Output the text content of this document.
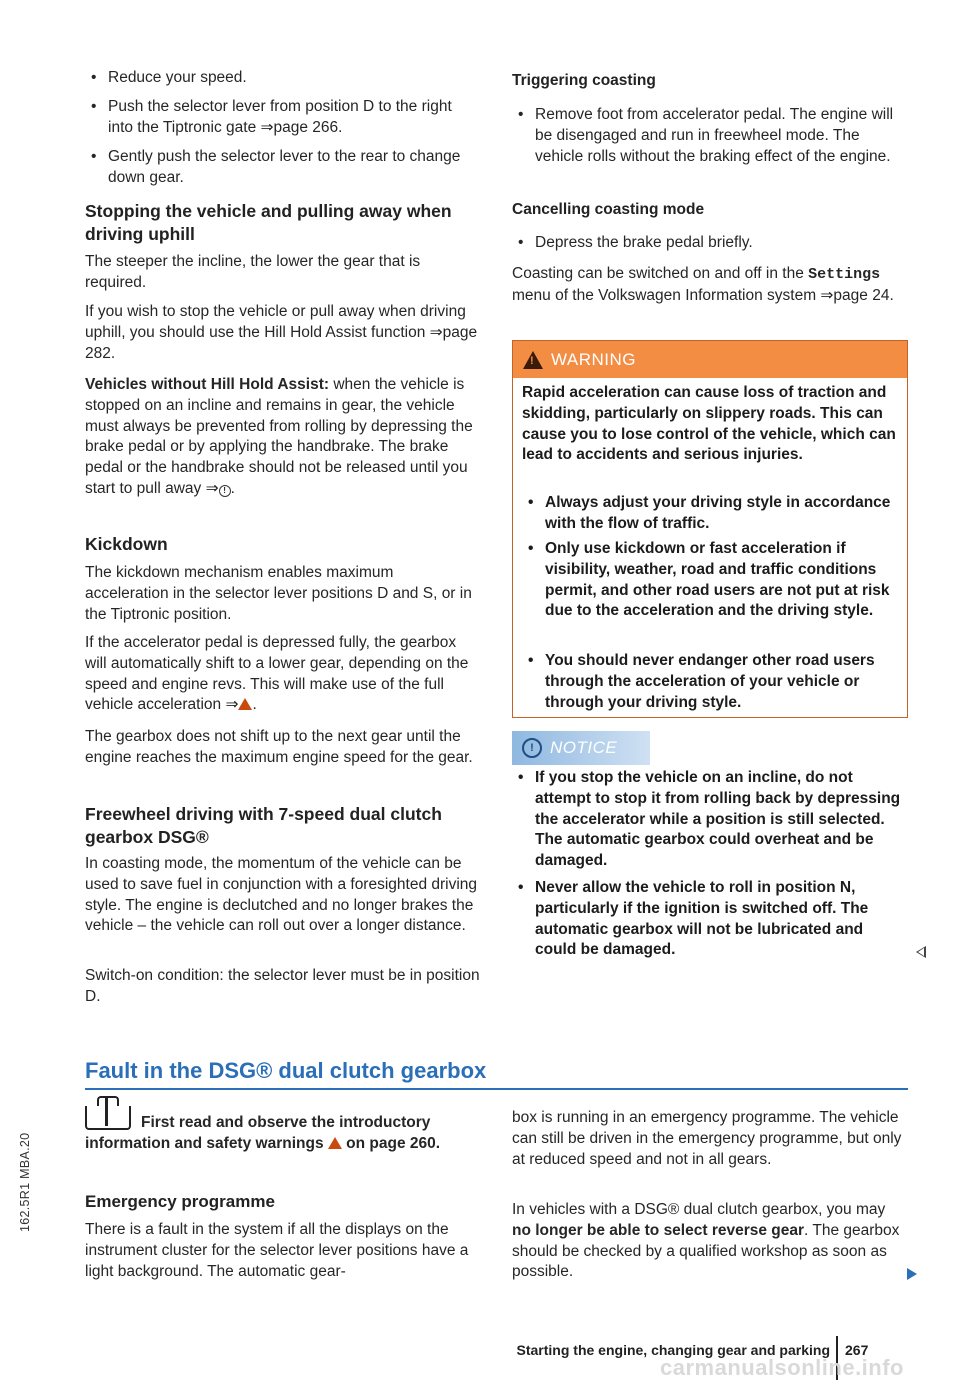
• Reduce your speed.

• Push the selector lever from position D to the right into the Tiptronic gate ⇒page 266.

• Gently push the selector lever to the rear to change down gear.

Stopping the vehicle and pulling away when driving uphill

The steeper the incline, the lower the gear that is required.

If you wish to stop the vehicle or pull away when driving uphill, you should use the Hill Hold Assist function ⇒page 282.

Vehicles without Hill Hold Assist: when the vehicle is stopped on an incline and remains in gear, the vehicle must always be prevented from rolling by depressing the brake pedal or by applying the handbrake. The brake pedal or the handbrake should not be released until you start to pull away ⇒ ! .

Kickdown

The kickdown mechanism enables maximum acceleration in the selector lever positions D and S, or in the Tiptronic position.

If the accelerator pedal is depressed fully, the gearbox will automatically shift to a lower gear, depending on the speed and engine revs. This will make use of the full vehicle acceleration ⇒ .

The gearbox does not shift up to the next gear until the engine reaches the maximum engine speed for the gear.

Freewheel driving with 7-speed dual clutch gearbox DSG®

In coasting mode, the momentum of the vehicle can be used to save fuel in conjunction with a foresighted driving style. The engine is declutched and no longer brakes the vehicle – the vehicle can roll out over a longer distance.

Switch-on condition: the selector lever must be in position D.

Triggering coasting

• Remove foot from accelerator pedal. The engine will be disengaged and run in freewheel mode. The vehicle rolls without the braking effect of the engine.

Cancelling coasting mode

• Depress the brake pedal briefly.

Coasting can be switched on and off in the Settings menu of the Volkswagen Information system ⇒page 24.

!
WARNING

Rapid acceleration can cause loss of traction and skidding, particularly on slippery roads. This can cause you to lose control of the vehicle, which can lead to accidents and serious injuries.

• Always adjust your driving style in accordance with the flow of traffic.

• Only use kickdown or fast acceleration if visibility, weather, road and traffic conditions permit, and other road users are not put at risk due to the acceleration and the driving style.

• You should never endanger other road users through the acceleration of your vehicle or through your driving style.

! NOTICE

• If you stop the vehicle on an incline, do not attempt to stop it from rolling back by depressing the accelerator while a position is still selected. The automatic gearbox could overheat and be damaged.

• Never allow the vehicle to roll in position N, particularly if the ignition is switched off. The automatic gearbox will not be lubricated and could be damaged.

Fault in the DSG® dual clutch gearbox

First read and observe the introductory information and safety warnings  on page 260.

Emergency programme

There is a fault in the system if all the displays on the instrument cluster for the selector lever positions have a light background. The automatic gear-

box is running in an emergency programme. The vehicle can still be driven in the emergency programme, but only at reduced speed and not in all gears.

In vehicles with a DSG® dual clutch gearbox, you may no longer be able to select reverse gear. The gearbox should be checked by a qualified workshop as soon as possible.

162.5R1 MBA.20
Starting the engine, changing gear and parking 267
carmanualsonline.info
